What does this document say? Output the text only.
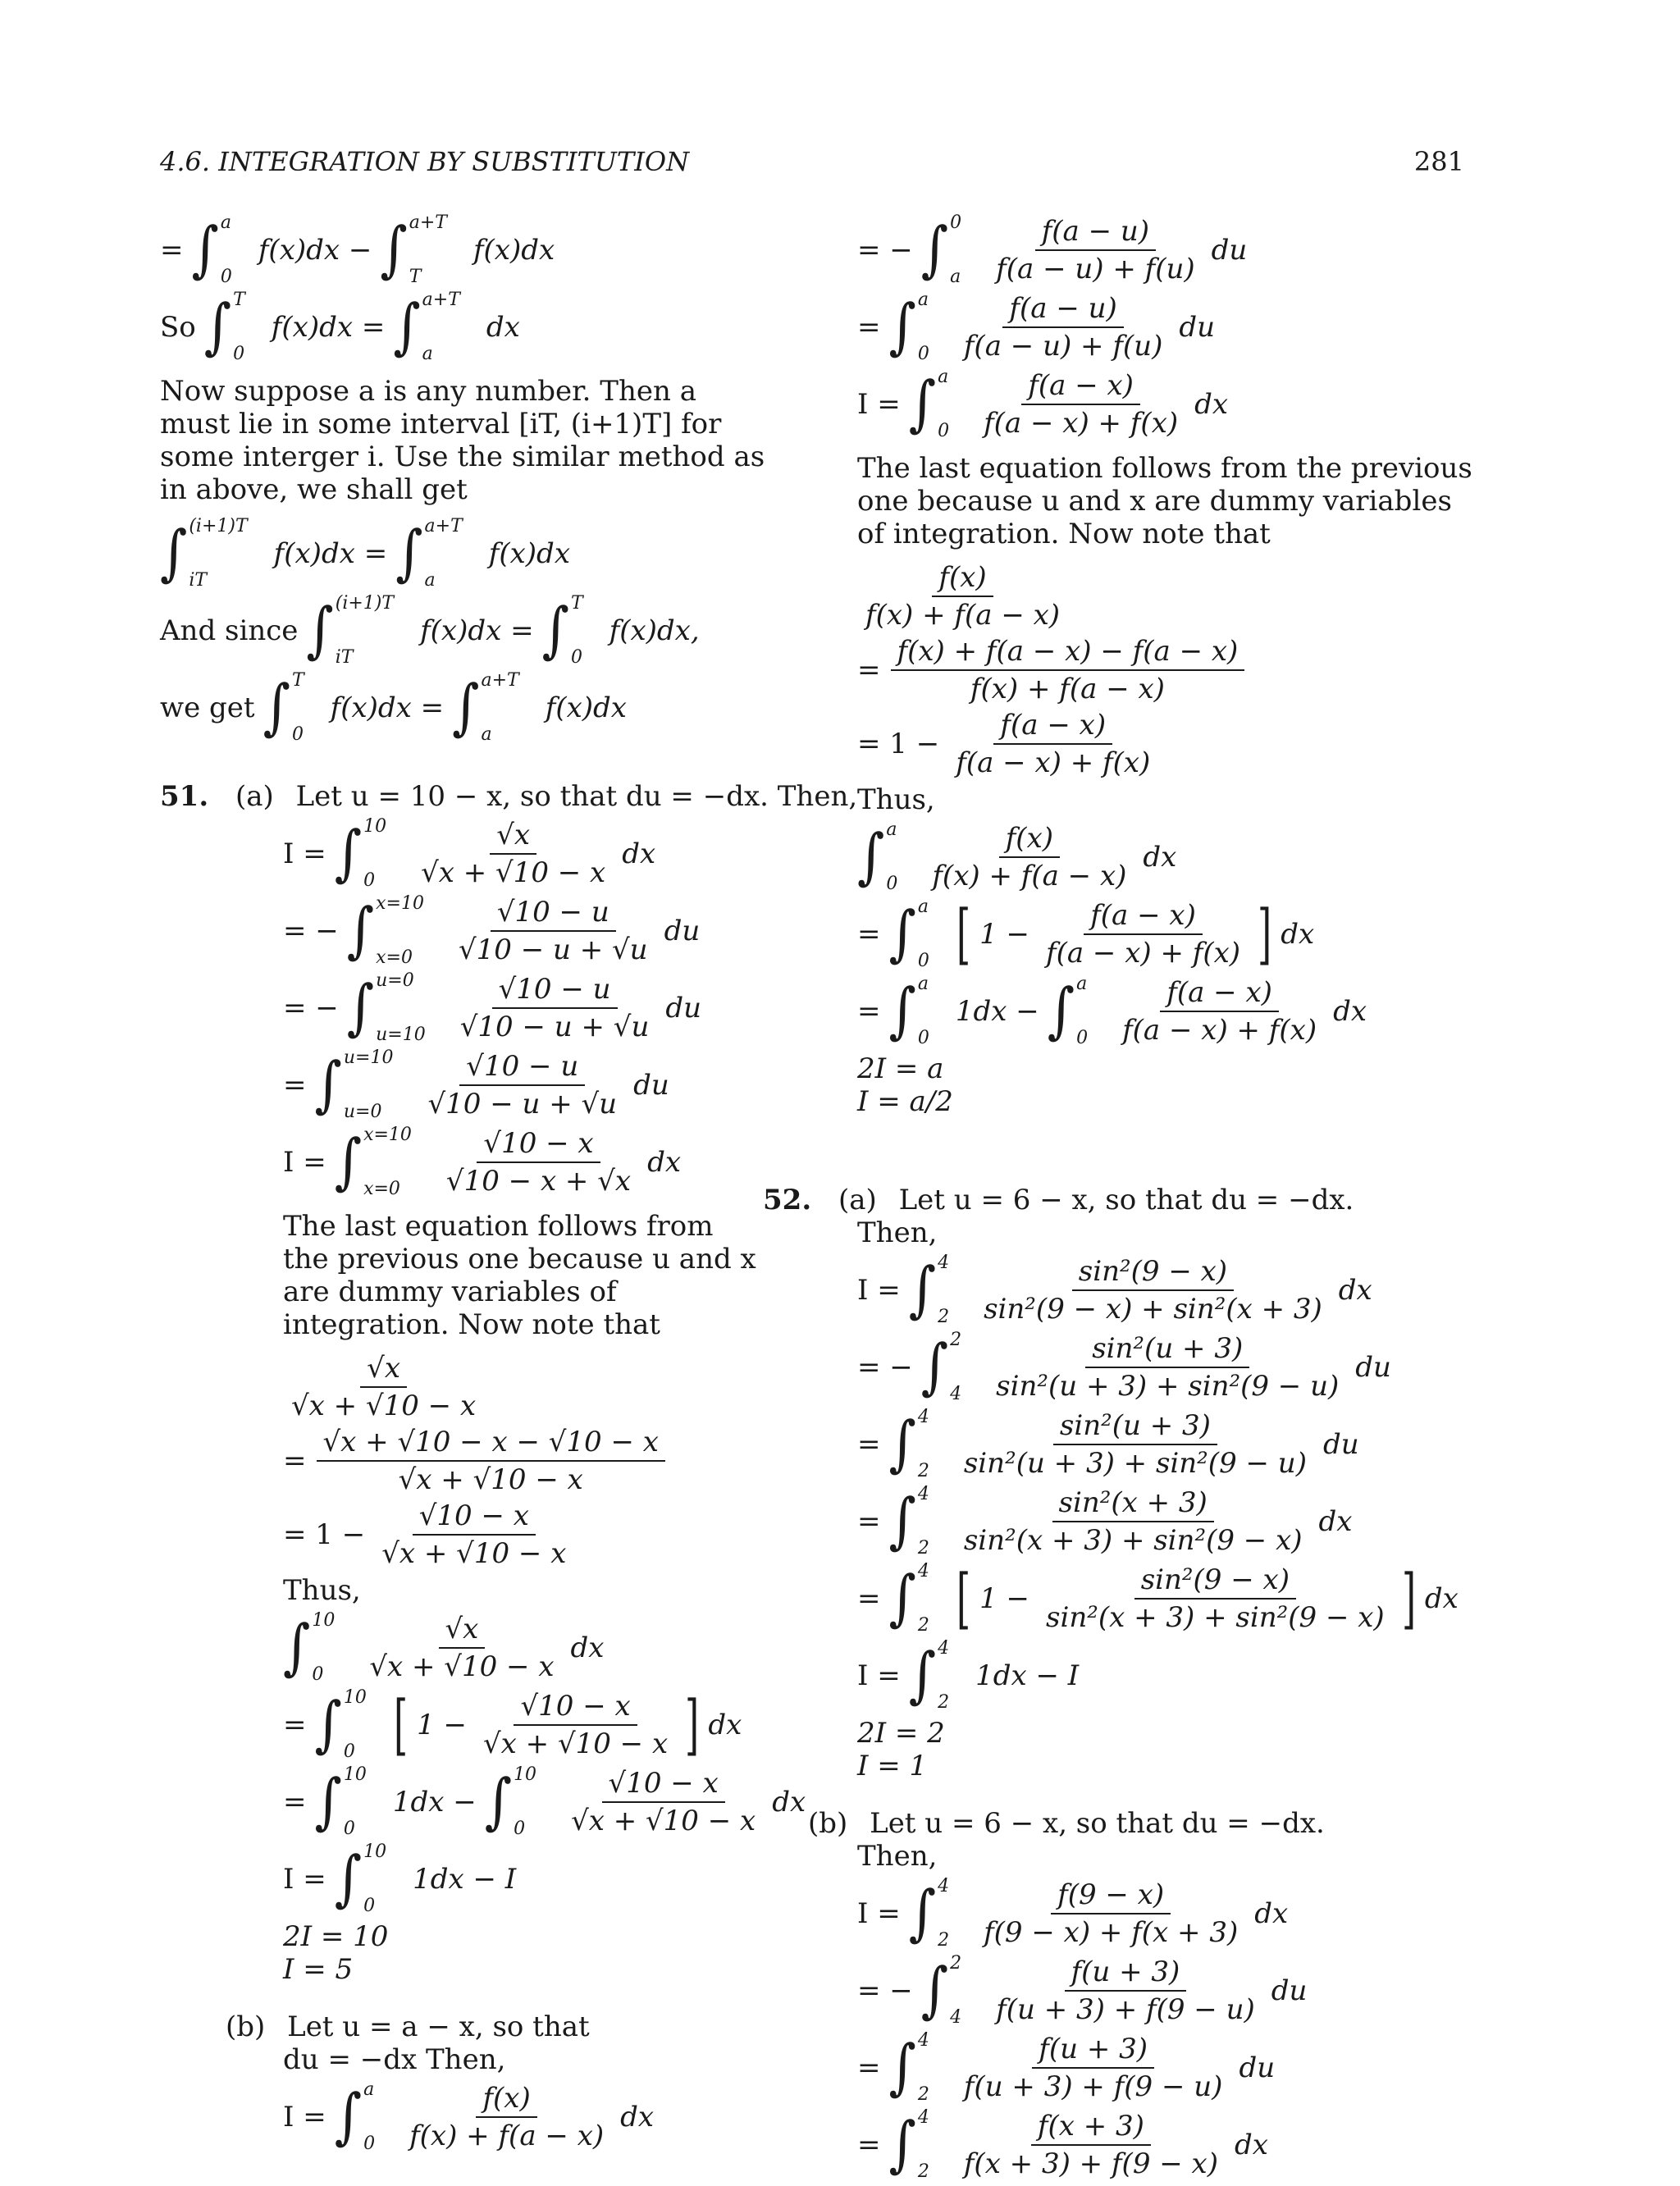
4.6. INTEGRATION BY SUBSTITUTION	281
= ∫ a
0
f(x)dx − ∫ a+T
T
f(x)dx
So ∫ T
0
f(x)dx = ∫ a+T
a
dx

Now suppose a is any number. Then a must lie in some interval [iT, (i+1)T] for some interger i. Use the similar method as in above, we shall get

∫ (i+1)T
iT
f(x)dx = ∫ a+T
a
f(x)dx
And since ∫ (i+1)T
iT
f(x)dx = ∫ T
0
f(x)dx,
we get ∫ T
0
f(x)dx = ∫ a+T
a
f(x)dx

51. (a) Let u = 10 − x, so that du = −dx. Then,

I = ∫ 10
0	$\frac{√x}{√x + √10 - x}$ dx
= − ∫ x=10
x=0	$\frac{√10 - u}{√10 - u + √u}$ du
= − ∫ u=0
$u=10 \frac{√10 - u}{√10 - u + √u}$ du
= ∫ u=10
u=0	$\frac{√10 - u}{√10 - u + √u}$ du
I = ∫ x=10
x=0	$\frac{√10 - x}{√10 - x + √x}$ dx

The last equation follows from the previous one because u and x are dummy variables of integration. Now note that

$\frac{√x}{√x + √10 - x}$
= $\frac{√x + √10 - x - √10 - x}{√x + √10 - x}$
= $1 - \frac{√10 - x}{√x + √10 - x}$

Thus,

∫ 10
0	$\frac{√x}{√x + √10 - x}$ dx
= ∫ 10
0 [ $1 - \frac{√10 - x}{√x + √10 - x}$ ] dx
= ∫ 10
0
1dx − ∫ 10
0	$\frac{√10 - x}{√x + √10 - x}$ dx
I = ∫ 10
0
1dx − I

2I = 10

I = 5

(b) Let u = a − x, so that

du = −dx Then,

I = ∫ a
$0 \frac{f(x)}{f(x) + f(a - x)}$ dx
= − ∫ 0
a $\frac{f(a - u)}{f(a - u) + f(u)}$ du
= ∫ a
$0 \frac{f(a - u)}{f(a - u) + f(u)}$ du
I = ∫ a
$0 \frac{f(a - x)}{f(a - x) + f(x)}$ dx

The last equation follows from the previous one because u and x are dummy variables of integration. Now note that

$\frac{f(x)}{f(x) + f(a - x)}$
= $\frac{f(x) + f(a - x) - f(a - x)}{f(x) + f(a - x)}$
= $1 - \frac{f(a - x)}{f(a - x) + f(x)}$

Thus,

∫ a
$0 \frac{f(x)}{f(x) + f(a - x)}$ dx
= ∫ a
0 [ $1 - \frac{f(a - x)}{f(a - x) + f(x)}$ ] dx
= ∫ a
0
1dx − ∫ a
$0 \frac{f(a - x)}{f(a - x) + f(x)}$ dx

2I = a

I = a/2

52. (a) Let u = 6 − x, so that du = −dx.

Then,

I = ∫ 4
$2 \frac{\text{sin²(9 − x)}}{\text{sin²(9 − x) + sin²(x + 3)}}$ dx
= − ∫ 2
$4 \frac{\text{sin²(u + 3)}}{\text{sin²(u + 3) + sin²(9 − u)}}$ du
= ∫ 4
$2 \frac{\text{sin²(u + 3)}}{\text{sin²(u + 3) + sin²(9 − u)}}$ du
= ∫ 4
$2 \frac{\text{sin²(x + 3)}}{\text{sin²(x + 3) + sin²(9 − x)}}$ dx
= ∫ 4
2 [ $1 - \frac{\text{sin²(9 − x)}}{\text{sin²(x + 3) + sin²(9 − x)}}$ ] dx
I = ∫ 4
2
1dx − I

2I = 2

I = 1

(b) Let u = 6 − x, so that du = −dx.

Then,

I = ∫ 4
$2 \frac{f(9 - x)}{f(9 - x) + f(x + 3)}$ dx
= − ∫ 2
$4 \frac{f(u + 3)}{f(u + 3) + f(9 - u)}$ du
= ∫ 4
$2 \frac{f(u + 3)}{f(u + 3) + f(9 - u)}$ du
= ∫ 4
$2 \frac{f(x + 3)}{f(x + 3) + f(9 - x)}$ dx
